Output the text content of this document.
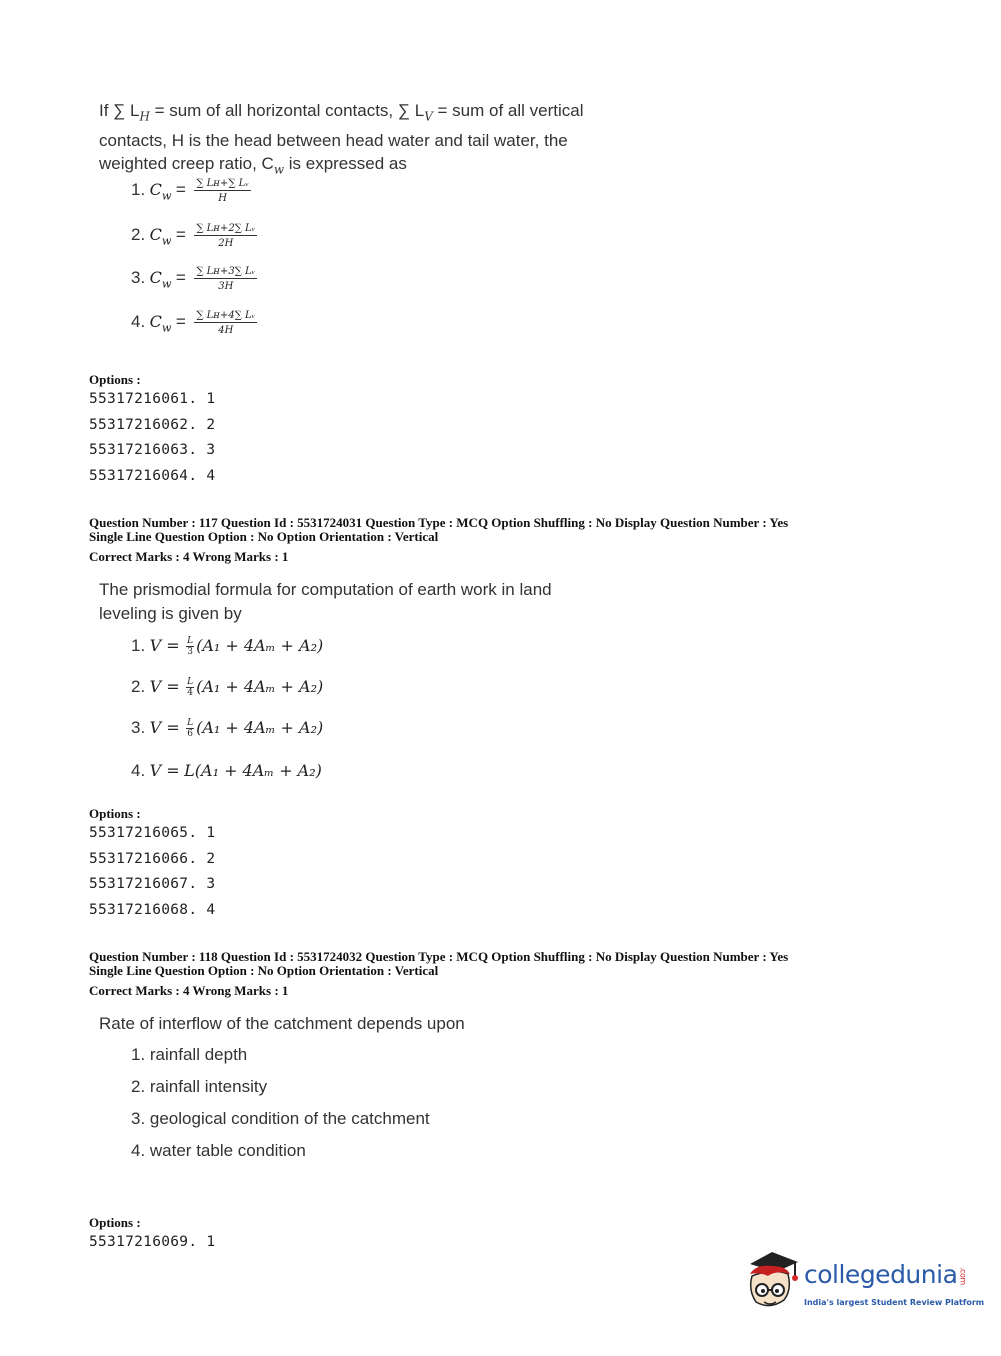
If ∑ $L_H$ = sum of all horizontal contacts, ∑ $L_V$ = sum of all vertical
contacts, H is the head between head water and tail water, the
weighted creep ratio, $C_w$ is expressed as
1. $C_w = \frac{\text{∑ Lʜ+∑ Lᵥ}}{H}$
2. $C_w = \frac{\text{∑ Lʜ+2∑ Lᵥ}}{2H}$
3. $C_w = \frac{\text{∑ Lʜ+3∑ Lᵥ}}{3H}$
4. $C_w = \frac{\text{∑ Lʜ+4∑ Lᵥ}}{4H}$
Options :
55317216061. 1
55317216062. 2
55317216063. 3
55317216064. 4
Question Number : 117 Question Id : 5531724031 Question Type : MCQ Option Shuffling : No Display Question Number : Yes
Single Line Question Option : No Option Orientation : Vertical
Correct Marks : 4 Wrong Marks : 1
The prismodial formula for computation of earth work in land
leveling is given by
1. $V = \frac{L}{3} (A_1 + 4A_m + A_2)$
2. $V = \frac{L}{4} (A_1 + 4A_m + A_2)$
3. $V = \frac{L}{6} (A_1 + 4A_m + A_2)$
4. V = L(A₁ + 4Aₘ + A₂)
Options :
55317216065. 1
55317216066. 2
55317216067. 3
55317216068. 4
Question Number : 118 Question Id : 5531724032 Question Type : MCQ Option Shuffling : No Display Question Number : Yes
Single Line Question Option : No Option Orientation : Vertical
Correct Marks : 4 Wrong Marks : 1
Rate of interflow of the catchment depends upon
1. rainfall depth
2. rainfall intensity
3. geological condition of the catchment
4. water table condition
Options :
55317216069. 1
collegedunia.com
India's largest Student Review Platform
